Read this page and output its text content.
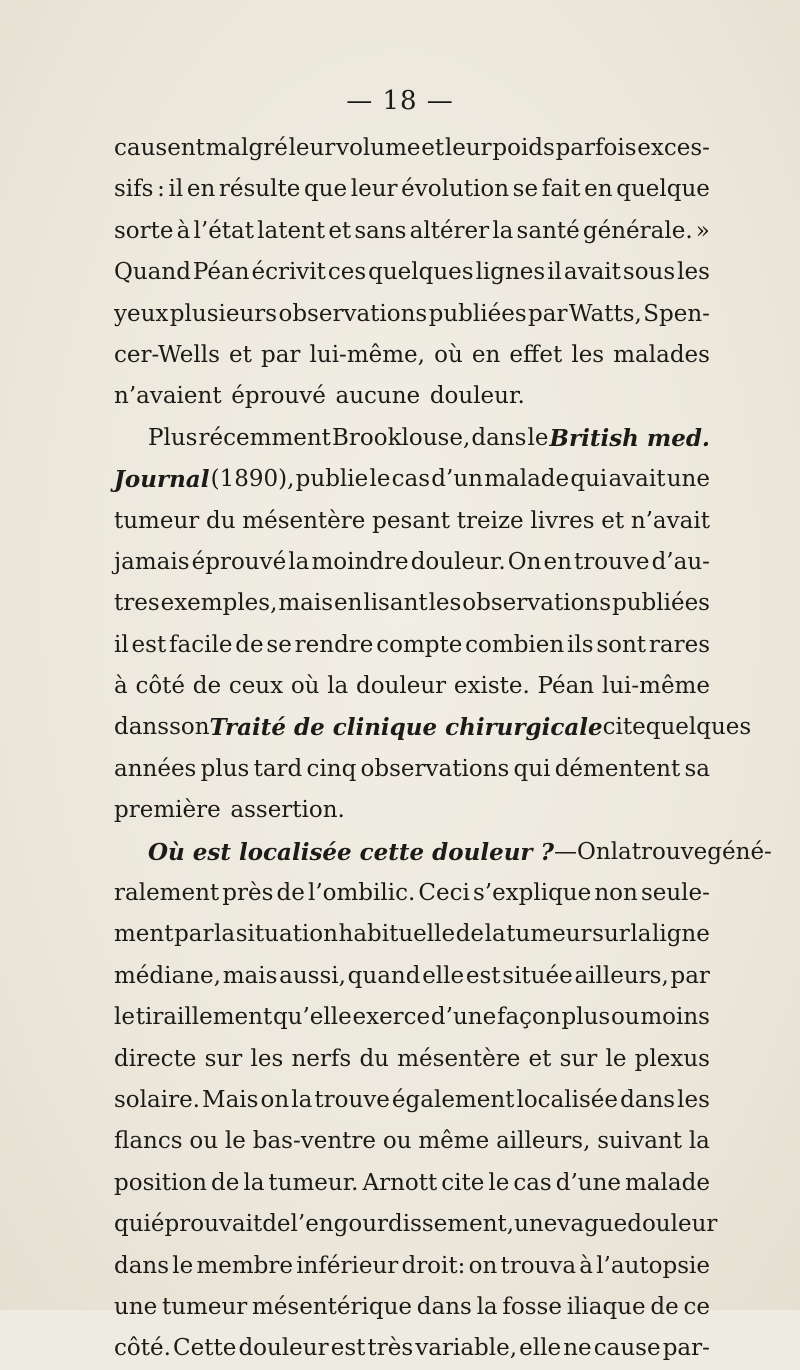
— 18 —
causent malgré leur volume et leur poids parfois exces-
sifs : il en résulte que leur évolution se fait en quelque
sorte à l’état latent et sans altérer la santé générale. »
Quand Péan écrivit ces quelques lignes il avait sous les
yeux plusieurs observations publiées par Watts, Spen-
cer-Wells et par lui-même, où en effet les malades
n’avaient éprouvé aucune douleur.
Plus récemment Brooklouse, dans le British med.
Journal (1890), publie le cas d’un malade qui avait une
tumeur du mésentère pesant treize livres et n’avait
jamais éprouvé la moindre douleur. On en trouve d’au-
tres exemples, mais en lisant les observations publiées
il est facile de se rendre compte combien ils sont rares
à côté de ceux où la douleur existe. Péan lui-même
dans son Traité de clinique chirurgicale cite quelques
années plus tard cinq observations qui démentent sa
première assertion.
Où est localisée cette douleur ? — On la trouve géné-
ralement près de l’ombilic. Ceci s’explique non seule-
ment par la situation habituelle de la tumeur sur la ligne
médiane, mais aussi, quand elle est située ailleurs, par
le tiraillement qu’elle exerce d’une façon plus ou moins
directe sur les nerfs du mésentère et sur le plexus
solaire. Mais on la trouve également localisée dans les
flancs ou le bas-ventre ou même ailleurs, suivant la
position de la tumeur. Arnott cite le cas d’une malade
qui éprouvait de l’engourdissement, une vague douleur
dans le membre inférieur droit: on trouva à l’autopsie
une tumeur mésentérique dans la fosse iliaque de ce
côté. Cette douleur est très variable, elle ne cause par-
